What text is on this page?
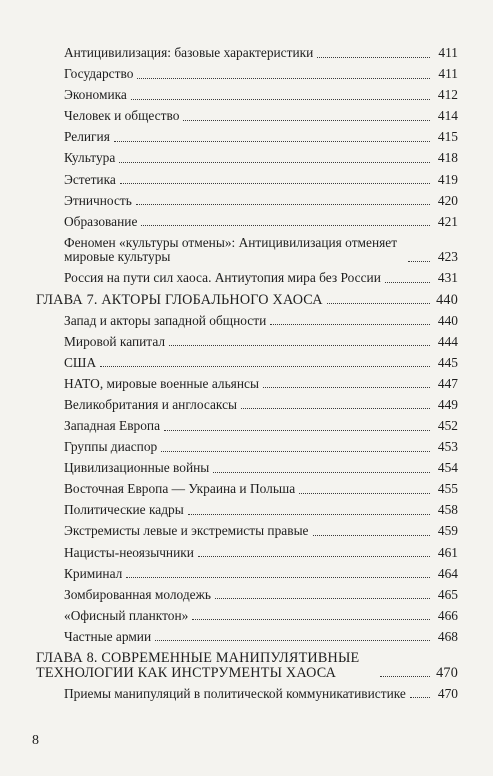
Антицивилизация: базовые характеристики	411
Государство	411
Экономика	412
Человек и общество	414
Религия	415
Культура	418
Эстетика	419
Этничность	420
Образование	421
Феномен «культуры отмены»: Антицивилизация отменяет мировые культуры	423
Россия на пути сил хаоса. Антиутопия мира без России	431
ГЛАВА 7. АКТОРЫ ГЛОБАЛЬНОГО ХАОСА	440
Запад и акторы западной общности	440
Мировой капитал	444
США	445
НАТО, мировые военные альянсы	447
Великобритания и англосаксы	449
Западная Европа	452
Группы диаспор	453
Цивилизационные войны	454
Восточная Европа — Украина и Польша	455
Политические кадры	458
Экстремисты левые и экстремисты правые	459
Нацисты-неоязычники	461
Криминал	464
Зомбированная молодежь	465
«Офисный планктон»	466
Частные армии	468
ГЛАВА 8. СОВРЕМЕННЫЕ МАНИПУЛЯТИВНЫЕ ТЕХНОЛОГИИ КАК ИНСТРУМЕНТЫ ХАОСА	470
Приемы манипуляций в политической коммуникативистике 470
8
